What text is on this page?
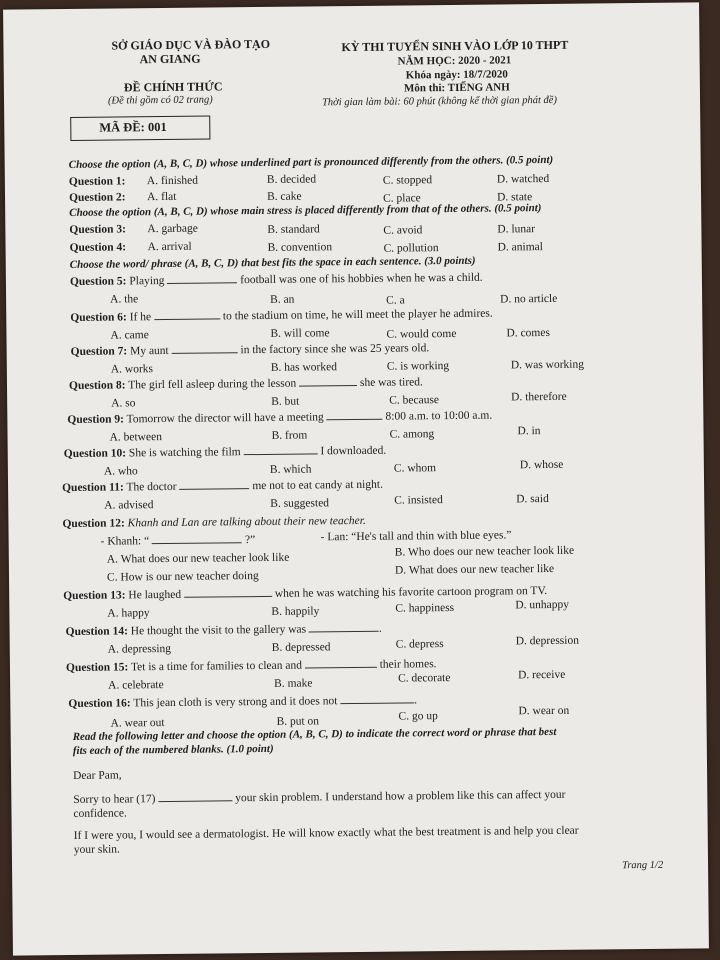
SỞ GIÁO DỤC VÀ ĐÀO TẠO
AN GIANG
ĐỀ CHÍNH THỨC
(Đề thi gồm có 02 trang)
KỲ THI TUYỂN SINH VÀO LỚP 10 THPT
NĂM HỌC: 2020 - 2021
Khóa ngày: 18/7/2020
Môn thi: TIẾNG ANH
Thời gian làm bài: 60 phút (không kể thời gian phát đề)
MÃ ĐỀ: 001
Choose the option (A, B, C, D) whose underlined part is pronounced differently from the others. (0.5 point)
Question 1: A. finished	B. decided	C. stopped	D. watched
Question 2: A. flat	B. cake	C. place	D. state
Choose the option (A, B, C, D) whose main stress is placed differently from that of the others. (0.5 point)
Question 3: A. garbage	B. standard	C. avoid	D. lunar
Question 4: A. arrival	B. convention	C. pollution	D. animal
Choose the word/ phrase (A, B, C, D) that best fits the space in each sentence. (3.0 points)
Question 5: Playing	football was one of his hobbies when he was a child.
A. the	B. an	C. a	D. no article
Question 6: If he	to the stadium on time, he will meet the player he admires.
A. came	B. will come	C. would come	D. comes
Question 7: My aunt	in the factory since she was 25 years old.
A. works	B. has worked	C. is working	D. was working
Question 8: The girl fell asleep during the lesson	she was tired.
A. so	B. but	C. because	D. therefore
Question 9: Tomorrow the director will have a meeting	8:00 a.m. to 10:00 a.m.
A. between	B. from	C. among	D. in
Question 10: She is watching the film	I downloaded.
A. who	B. which	C. whom	D. whose
Question 11: The doctor	me not to eat candy at night.
A. advised	B. suggested	C. insisted	D. said
Question 12: Khanh and Lan are talking about their new teacher.
- Khanh: “	?”	- Lan: “He's tall and thin with blue eyes.”
A. What does our new teacher look like
B. Who does our new teacher look like
C. How is our new teacher doing
D. What does our new teacher like
Question 13: He laughed	when he was watching his favorite cartoon program on TV.
A. happy	B. happily	C. happiness	D. unhappy
Question 14: He thought the visit to the gallery was	.
A. depressing	B. depressed	C. depress	D. depression
Question 15: Tet is a time for families to clean and	their homes.
A. celebrate	B. make	C. decorate	D. receive
Question 16: This jean cloth is very strong and it does not	.
A. wear out	B. put on	C. go up	D. wear on
Read the following letter and choose the option (A, B, C, D) to indicate the correct word or phrase that best
fits each of the numbered blanks. (1.0 point)
Dear Pam,
Sorry to hear (17)	your skin problem. I understand how a problem like this can affect your
confidence.
If I were you, I would see a dermatologist. He will know exactly what the best treatment is and help you clear
your skin.
Trang 1/2
